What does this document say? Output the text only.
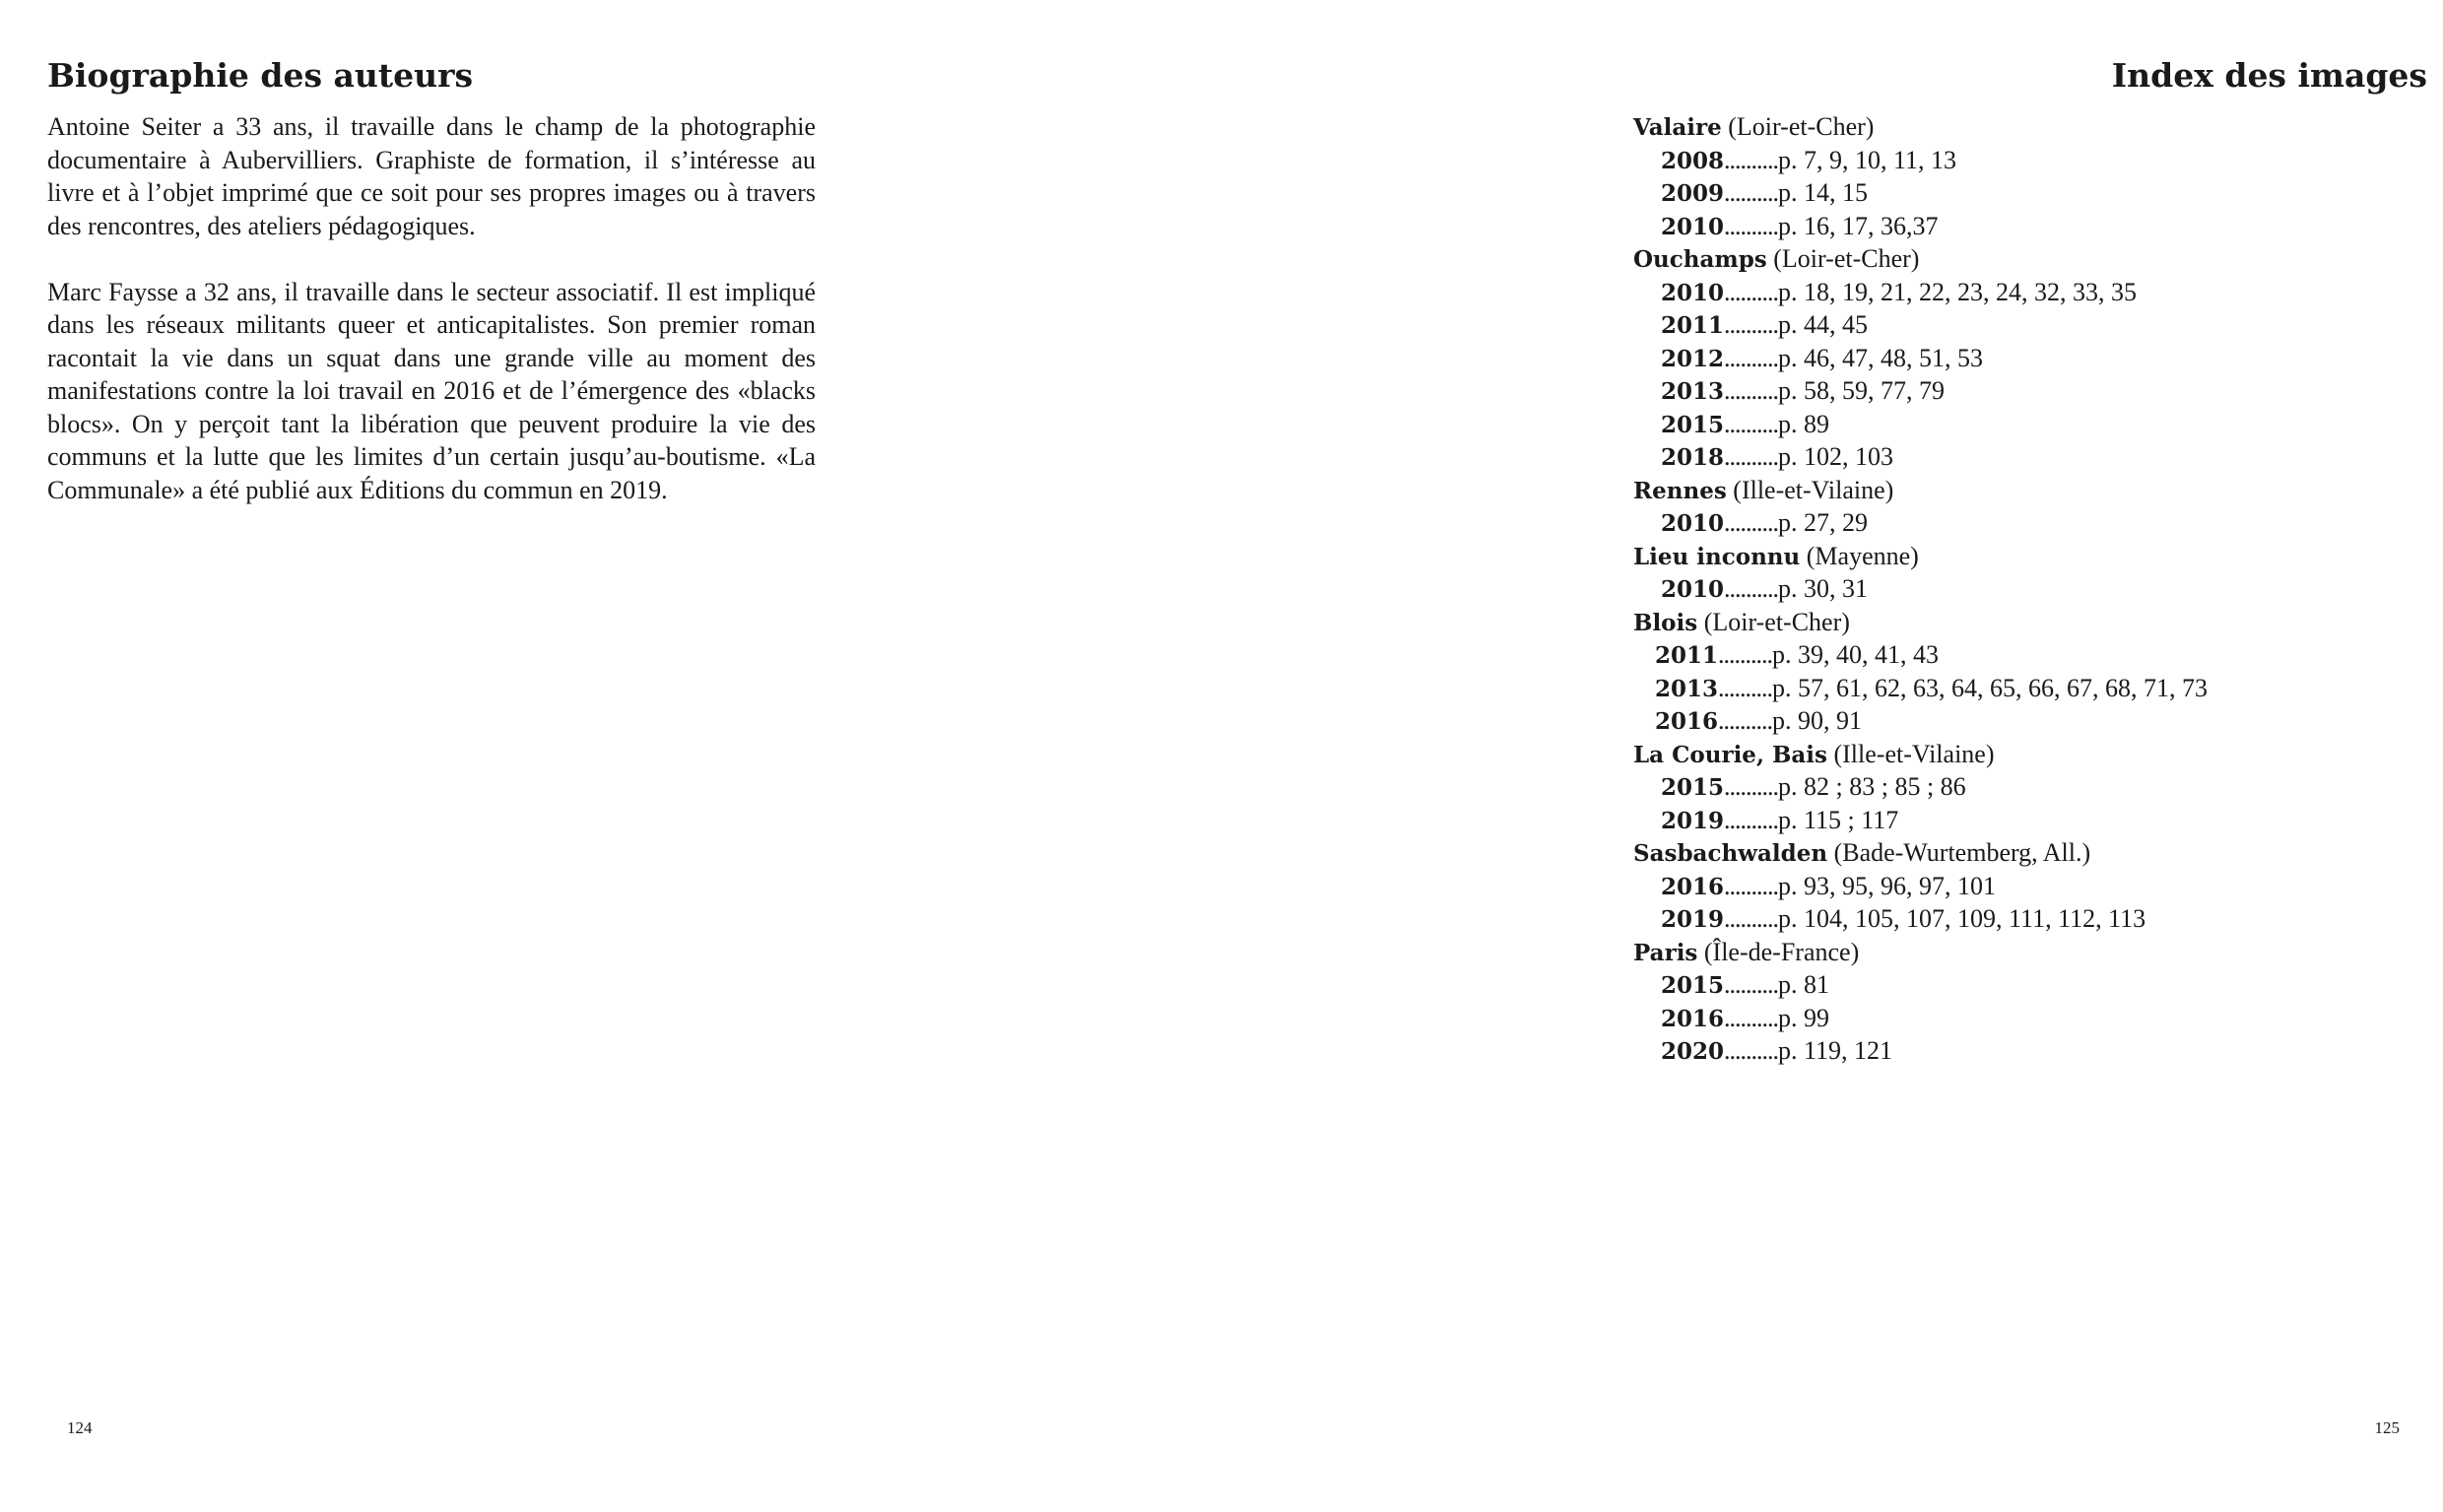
Biographie des auteurs

Antoine Seiter a 33 ans, il travaille dans le champ de la photographie documentaire à Aubervilliers. Graphiste de formation, il s’intéresse au livre et à l’objet imprimé que ce soit pour ses propres images ou à travers des rencontres, des ateliers pédagogiques.

Marc Faysse a 32 ans, il travaille dans le secteur associatif. Il est impliqué dans les réseaux militants queer et anticapitalistes. Son premier roman racontait la vie dans un squat dans une grande ville au moment des manifestations contre la loi travail en 2016 et de l’émergence des «blacks blocs». On y perçoit tant la libération que peuvent produire la vie des communs et la lutte que les limites d’un certain jusqu’au-boutisme. «La Communale» a été publié aux Éditions du commun en 2019.

124
Index des images
Valaire (Loir-et-Cher)
2008..........p. 7, 9, 10, 11, 13
2009..........p. 14, 15
2010..........p. 16, 17, 36,37
Ouchamps (Loir-et-Cher)
2010..........p. 18, 19, 21, 22, 23, 24, 32, 33, 35
2011..........p. 44, 45
2012..........p. 46, 47, 48, 51, 53
2013..........p. 58, 59, 77, 79
2015..........p. 89
2018..........p. 102, 103
Rennes (Ille-et-Vilaine)
2010..........p. 27, 29
Lieu inconnu (Mayenne)
2010..........p. 30, 31
Blois (Loir-et-Cher)
2011..........p. 39, 40, 41, 43
2013..........p. 57, 61, 62, 63, 64, 65, 66, 67, 68, 71, 73
2016..........p. 90, 91
La Courie, Bais (Ille-et-Vilaine)
2015..........p. 82 ; 83 ; 85 ; 86
2019..........p. 115 ; 117
Sasbachwalden (Bade-Wurtemberg, All.)
2016..........p. 93, 95, 96, 97, 101
2019..........p. 104, 105, 107, 109, 111, 112, 113
Paris (Île-de-France)
2015..........p. 81
2016..........p. 99
2020..........p. 119, 121
125
